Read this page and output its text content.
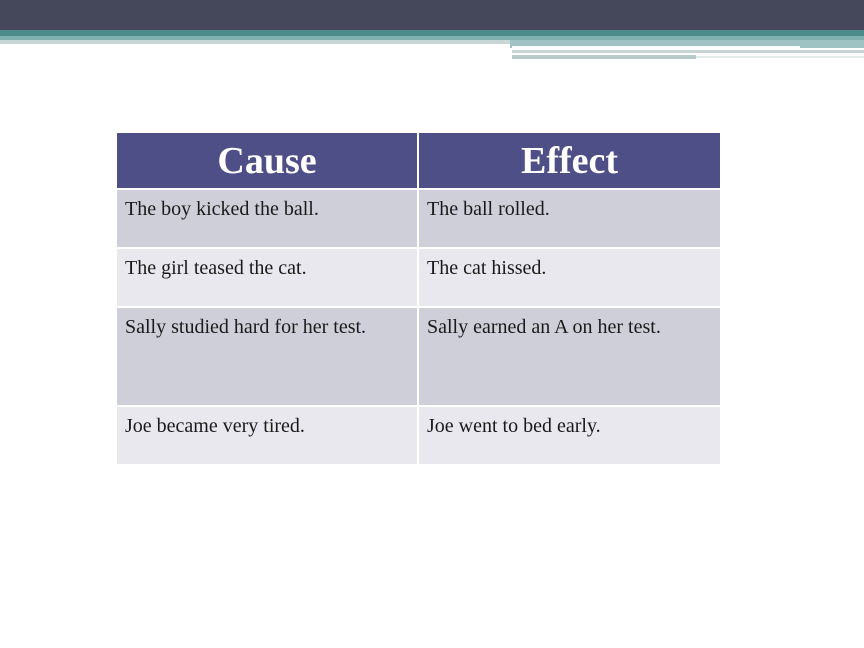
Cause	Effect
The boy kicked the ball.	The ball rolled.
The girl teased the cat.	The cat hissed.
Sally studied hard for her test.	Sally earned an A on her test.
Joe became very tired.	Joe went to bed early.
